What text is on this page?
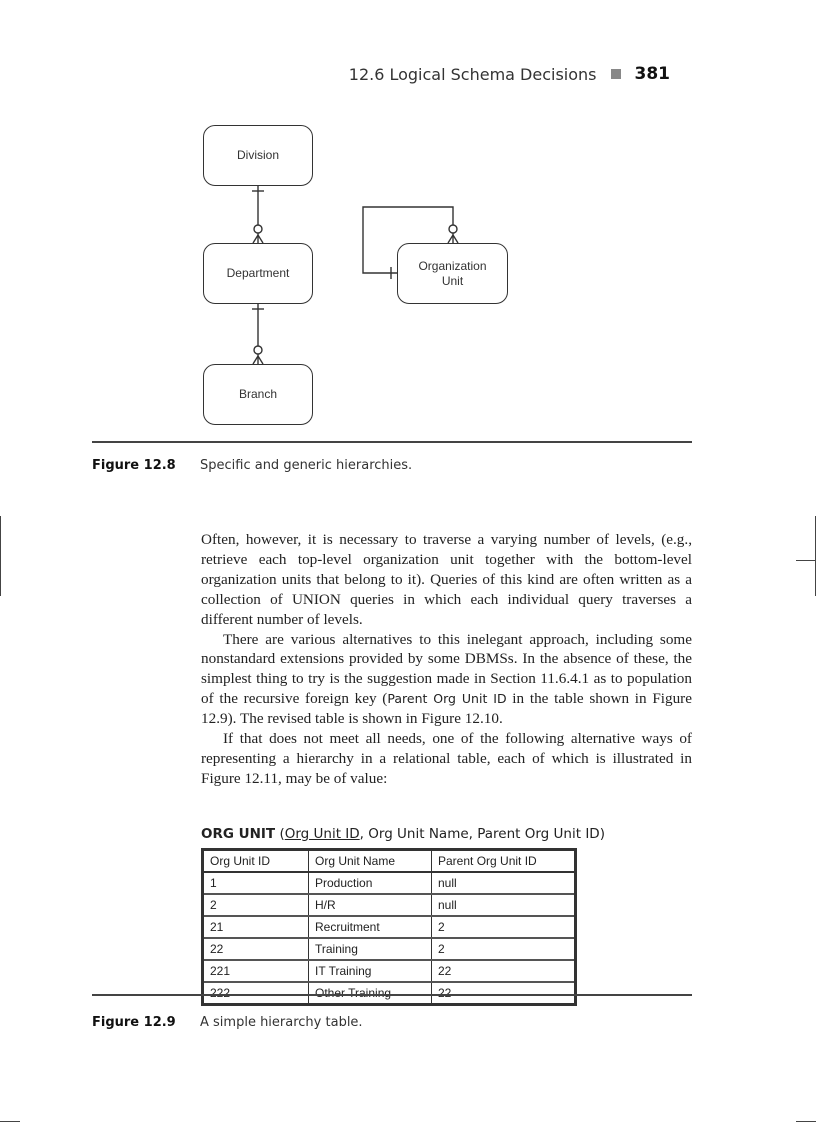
12.6 Logical Schema Decisions 381
Division
Department
Branch
Organization Unit
Figure 12.8 Specific and generic hierarchies.

Often, however, it is necessary to traverse a varying number of levels, (e.g., retrieve each top-level organization unit together with the bottom-level organization units that belong to it). Queries of this kind are often written as a collection of UNION queries in which each individual query traverses a different number of levels.

There are various alternatives to this inelegant approach, including some nonstandard extensions provided by some DBMSs. In the absence of these, the simplest thing to try is the suggestion made in Section 11.6.4.1 as to population of the recursive foreign key (Parent Org Unit ID in the table shown in Figure 12.9). The revised table is shown in Figure 12.10.

If that does not meet all needs, one of the following alternative ways of representing a hierarchy in a relational table, each of which is illustrated in Figure 12.11, may be of value:

ORG UNIT (Org Unit ID, Org Unit Name, Parent Org Unit ID)
Org Unit ID	Org Unit Name	Parent Org Unit ID
1	Production	null
2	H/R	null
21	Recruitment	2
22	Training	2
221	IT Training	22
222	Other Training	22
Figure 12.9 A simple hierarchy table.
